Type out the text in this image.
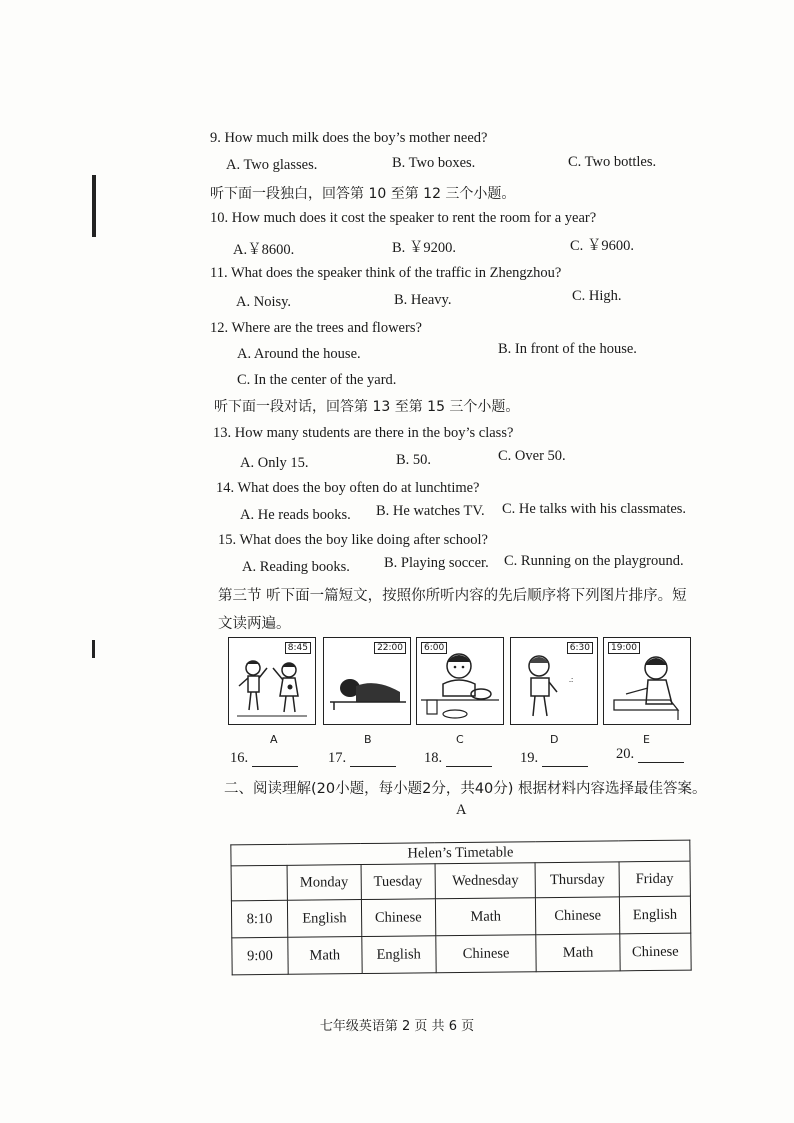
9. How much milk does the boy’s mother need?
A. Two glasses.	B. Two boxes.	C. Two bottles.
听下面一段独白，回答第 10 至第 12 三个小题。
10. How much does it cost the speaker to rent the room for a year?
A.￥8600.	B. ￥9200.	C. ￥9600.
11. What does the speaker think of the traffic in Zhengzhou?
A. Noisy.	B. Heavy.	C. High.
12. Where are the trees and flowers?
A. Around the house.	B. In front of the house.
C. In the center of the yard.
听下面一段对话，回答第 13 至第 15 三个小题。
13. How many students are there in the boy’s class?
A. Only 15.	B. 50.	C. Over 50.
14. What does the boy often do at lunchtime?
A. He reads books. B. He watches TV. C. He talks with his classmates.
15. What does the boy like doing after school?
A. Reading books. B. Playing soccer. C. Running on the playground.
第三节 听下面一篇短文，按照你所听内容的先后顺序将下列图片排序。短
文读两遍。
8:45	22:00	6:00	6:30
.:
19:00
A	B	C	D	E
16.	17.	18.	19.	20.
二、阅读理解(20小题，每小题2分，共40分) 根据材料内容选择最佳答案。
A
Helen’s Timetable					
	Monday	Tuesday	Wednesday	Thursday	Friday
8:10	English	Chinese	Math	Chinese	English
9:00	Math	English	Chinese	Math	Chinese
七年级英语第 2 页 共 6 页
